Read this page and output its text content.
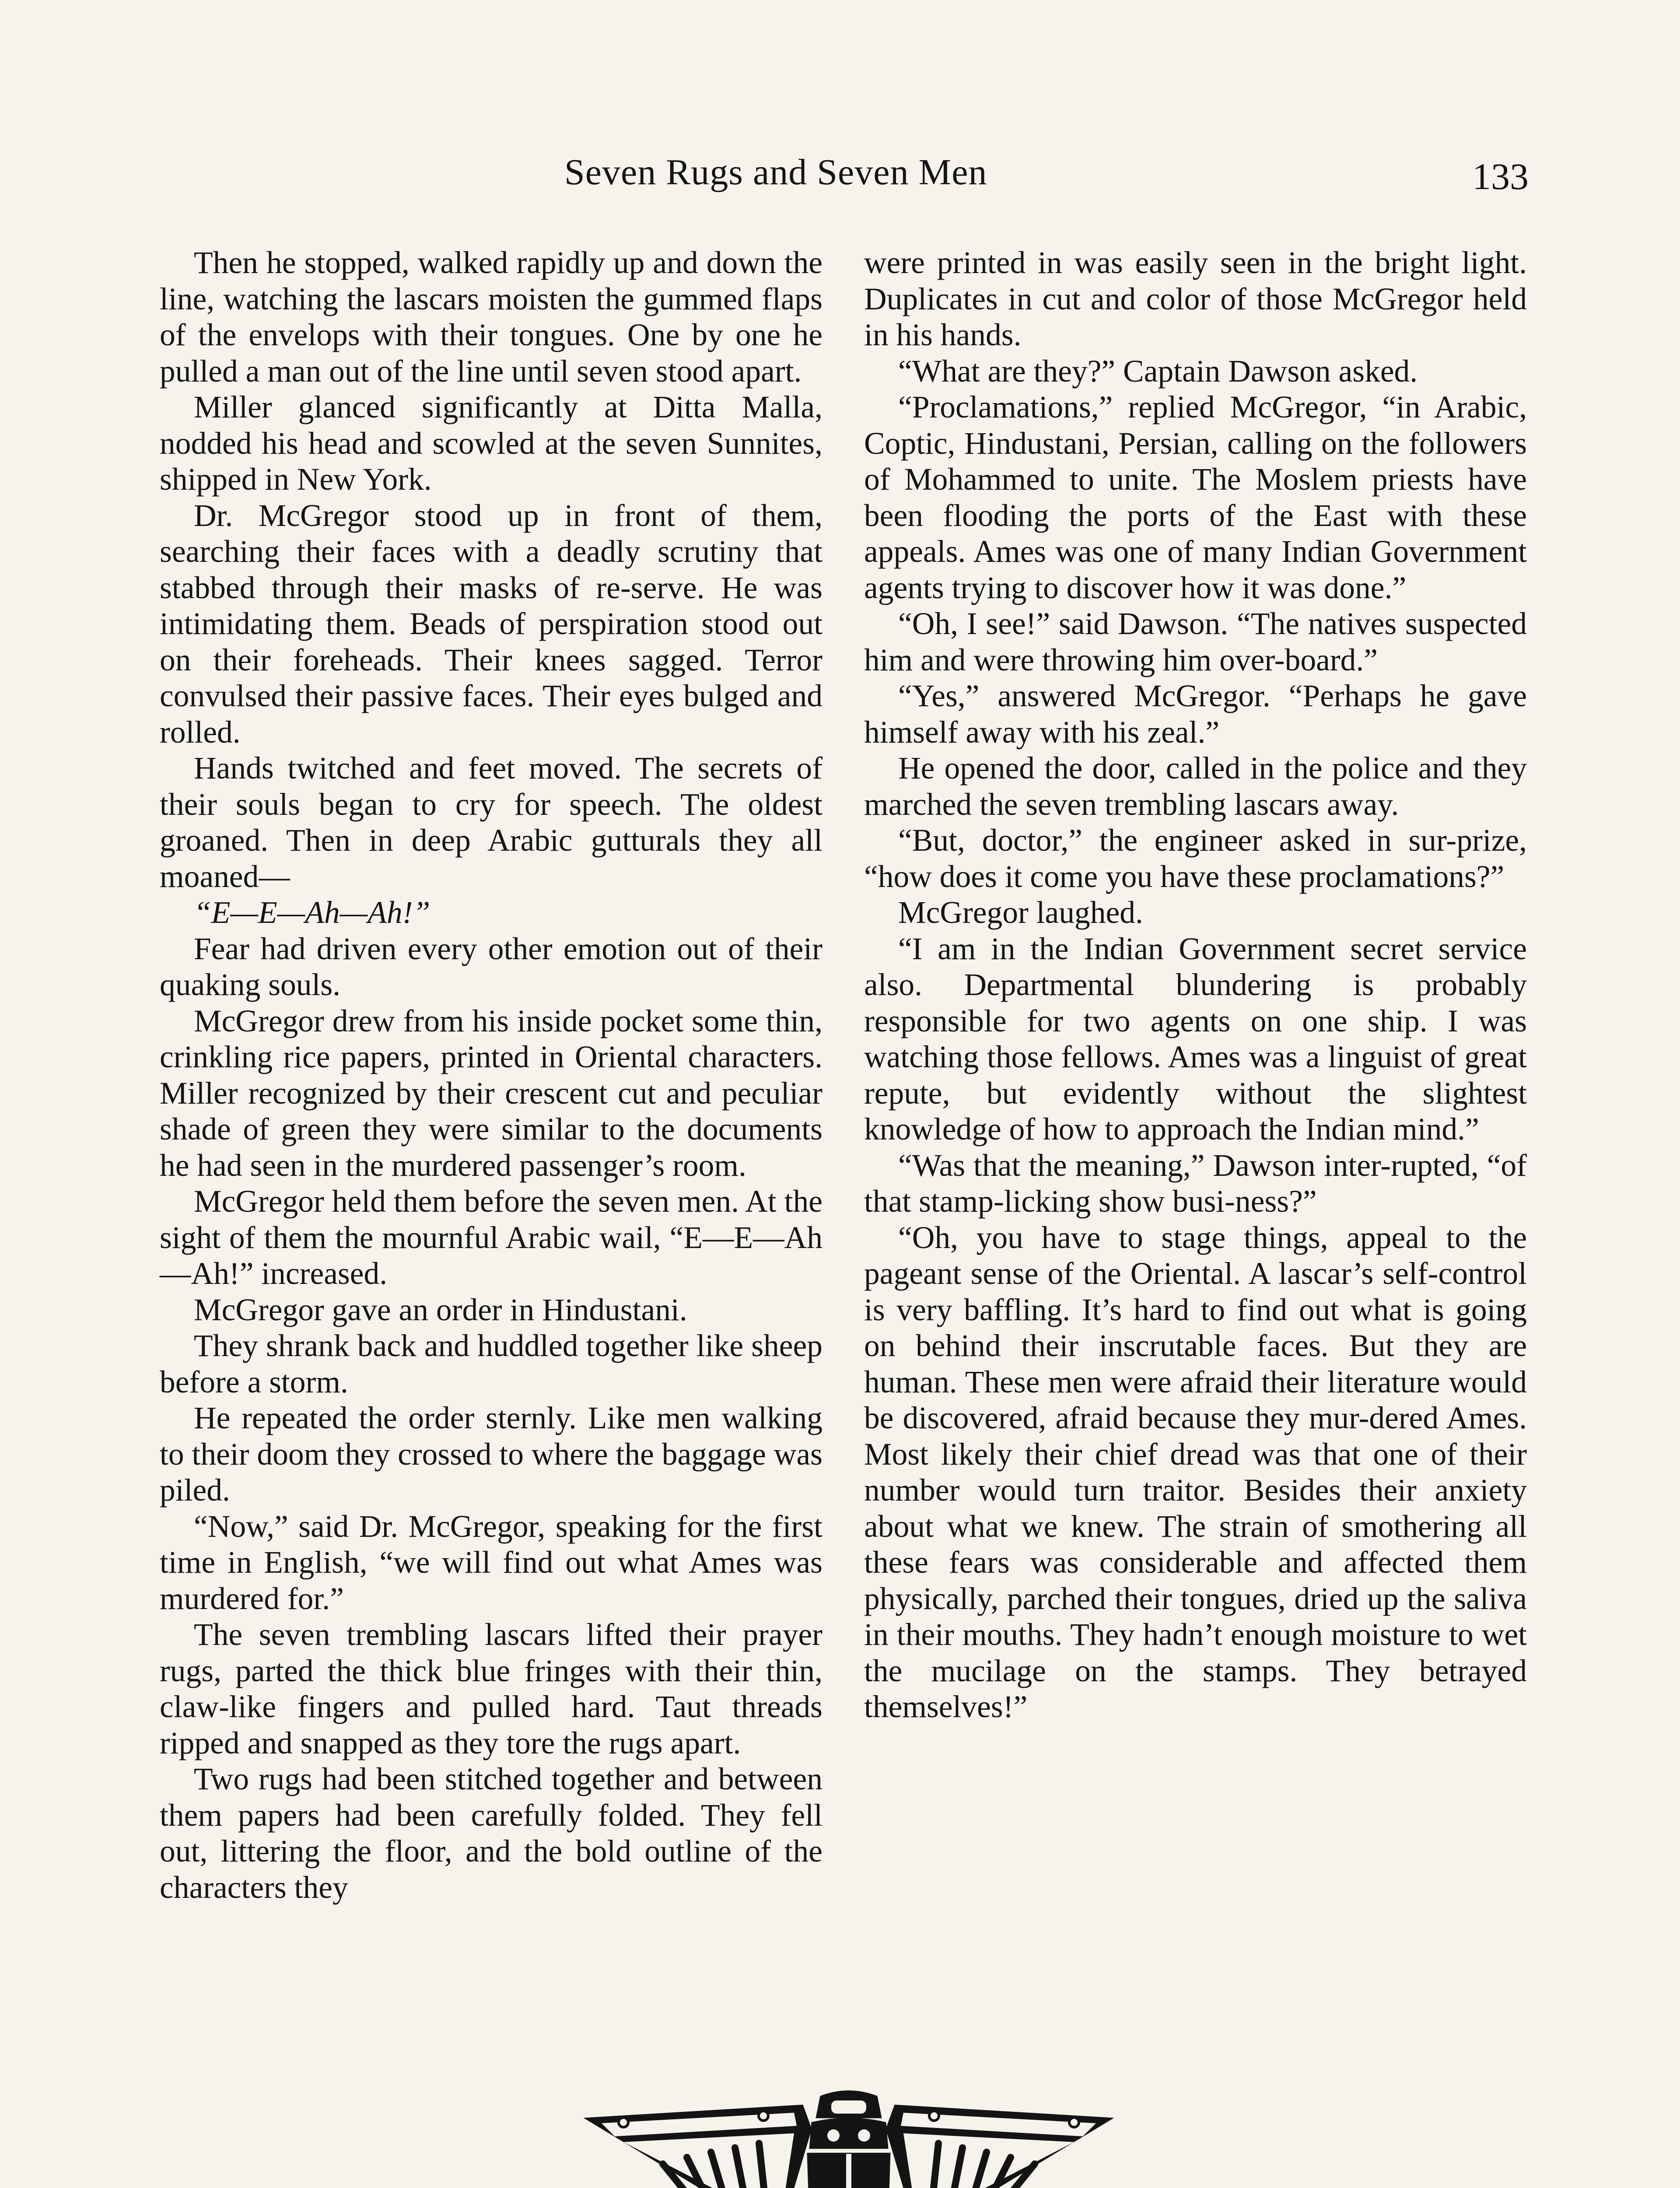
Seven Rugs and Seven Men	133

Then he stopped, walked rapidly up and down the line, watching the lascars moisten the gummed flaps of the envelops with their tongues. One by one he pulled a man out of the line until seven stood apart.

Miller glanced significantly at Ditta Malla, nodded his head and scowled at the seven Sunnites, shipped in New York.

Dr. McGregor stood up in front of them, searching their faces with a deadly scrutiny that stabbed through their masks of re-serve. He was intimidating them. Beads of perspiration stood out on their foreheads. Their knees sagged. Terror convulsed their passive faces. Their eyes bulged and rolled.

Hands twitched and feet moved. The secrets of their souls began to cry for speech. The oldest groaned. Then in deep Arabic gutturals they all moaned—

“E—E—Ah—Ah!”

Fear had driven every other emotion out of their quaking souls.

McGregor drew from his inside pocket some thin, crinkling rice papers, printed in Oriental characters. Miller recognized by their crescent cut and peculiar shade of green they were similar to the documents he had seen in the murdered passenger’s room.

McGregor held them before the seven men. At the sight of them the mournful Arabic wail, “E—E—Ah—Ah!” increased.

McGregor gave an order in Hindustani.

They shrank back and huddled together like sheep before a storm.

He repeated the order sternly. Like men walking to their doom they crossed to where the baggage was piled.

“Now,” said Dr. McGregor, speaking for the first time in English, “we will find out what Ames was murdered for.”

The seven trembling lascars lifted their prayer rugs, parted the thick blue fringes with their thin, claw-like fingers and pulled hard. Taut threads ripped and snapped as they tore the rugs apart.

Two rugs had been stitched together and between them papers had been carefully folded. They fell out, littering the floor, and the bold outline of the characters they

were printed in was easily seen in the bright light. Duplicates in cut and color of those McGregor held in his hands.

“What are they?” Captain Dawson asked.

“Proclamations,” replied McGregor, “in Arabic, Coptic, Hindustani, Persian, calling on the followers of Mohammed to unite. The Moslem priests have been flooding the ports of the East with these appeals. Ames was one of many Indian Government agents trying to discover how it was done.”

“Oh, I see!” said Dawson. “The natives suspected him and were throwing him over-board.”

“Yes,” answered McGregor. “Perhaps he gave himself away with his zeal.”

He opened the door, called in the police and they marched the seven trembling lascars away.

“But, doctor,” the engineer asked in sur-prize, “how does it come you have these proclamations?”

McGregor laughed.

“I am in the Indian Government secret service also. Departmental blundering is probably responsible for two agents on one ship. I was watching those fellows. Ames was a linguist of great repute, but evidently without the slightest knowledge of how to approach the Indian mind.”

“Was that the meaning,” Dawson inter-rupted, “of that stamp-licking show busi-ness?”

“Oh, you have to stage things, appeal to the pageant sense of the Oriental. A lascar’s self-control is very baffling. It’s hard to find out what is going on behind their inscrutable faces. But they are human. These men were afraid their literature would be discovered, afraid because they mur-dered Ames. Most likely their chief dread was that one of their number would turn traitor. Besides their anxiety about what we knew. The strain of smothering all these fears was considerable and affected them physically, parched their tongues, dried up the saliva in their mouths. They hadn’t enough moisture to wet the mucilage on the stamps. They betrayed themselves!”
